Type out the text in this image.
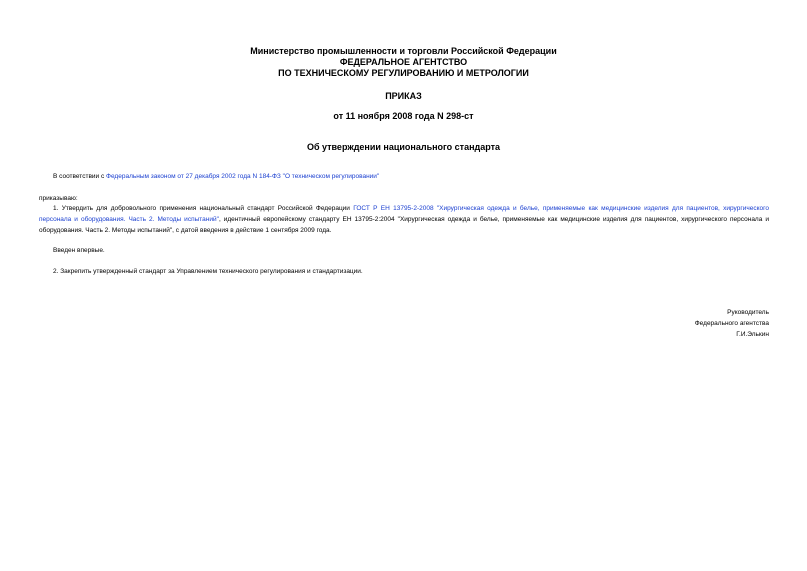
Министерство промышленности и торговли Российской Федерации
ФЕДЕРАЛЬНОЕ АГЕНТСТВО
ПО ТЕХНИЧЕСКОМУ РЕГУЛИРОВАНИЮ И МЕТРОЛОГИИ
ПРИКАЗ
от 11 ноября 2008 года N 298-ст
Об утверждении национального стандарта
В соответствии с Федеральным законом от 27 декабря 2002 года N 184-ФЗ "О техническом регулировании"
приказываю:
1. Утвердить для добровольного применения национальный стандарт Российской Федерации ГОСТ Р ЕН 13795-2-2008 "Хирургическая одежда и белье, применяемые как медицинские изделия для пациентов, хирургического персонала и оборудования. Часть 2. Методы испытаний", идентичный европейскому стандарту ЕН 13795-2:2004 "Хирургическая одежда и белье, применяемые как медицинские изделия для пациентов, хирургического персонала и оборудования. Часть 2. Методы испытаний", с датой введения в действие 1 сентября 2009 года.
Введен впервые.
2. Закрепить утвержденный стандарт за Управлением технического регулирования и стандартизации.
Руководитель
Федерального агентства
Г.И.Элькин
